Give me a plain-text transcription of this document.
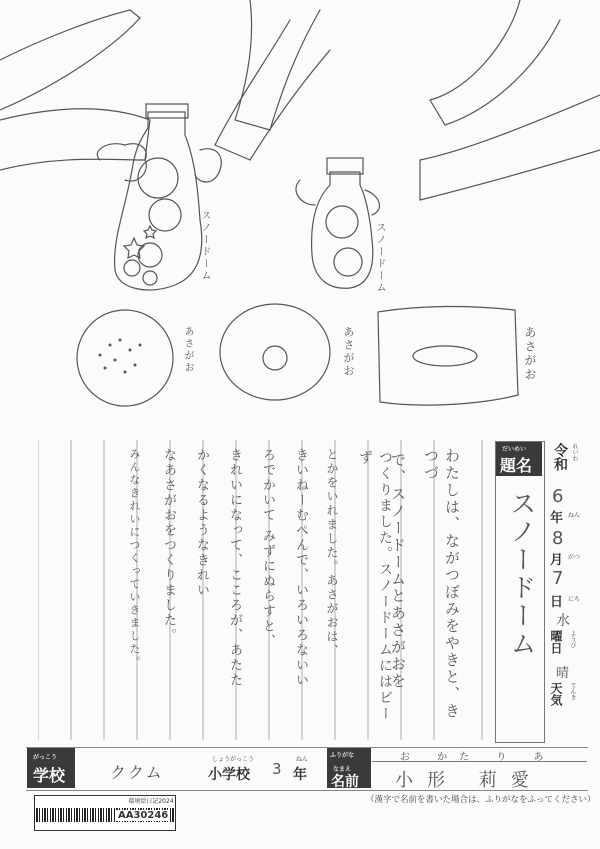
スノードーム	スノードーム
あさがお	あさがお	あさがお
わたしは、ながつぼみをやきと、きつづ
で、スノードームとあさがおを
つくりました。スノードームにはビーず
とかをいれました。あさがおは、
きいねーむぺんで、いろいろないい
ろでかいて みずにぬらすと、
きれいになって、こころが、あたた
かくなるようなきれい
なあさがおをつくりました。
みんなきれいにつくっていきました。	だいめい
題名
スノードーム
令和 れいわ
6
年 ねん
8
月 がつ
7
日 にち
水
曜日	ようび
晴
天気	てんき
がっこう
学校	ククム
しょうがっこう
小学校 3
ねん
年
ふりがな
なまえ
名前
お かた り あ
小形 莉愛
（漢字で名前を書いた場合は、ふりがなをふってください）
環境絵日記2024
AA30246
